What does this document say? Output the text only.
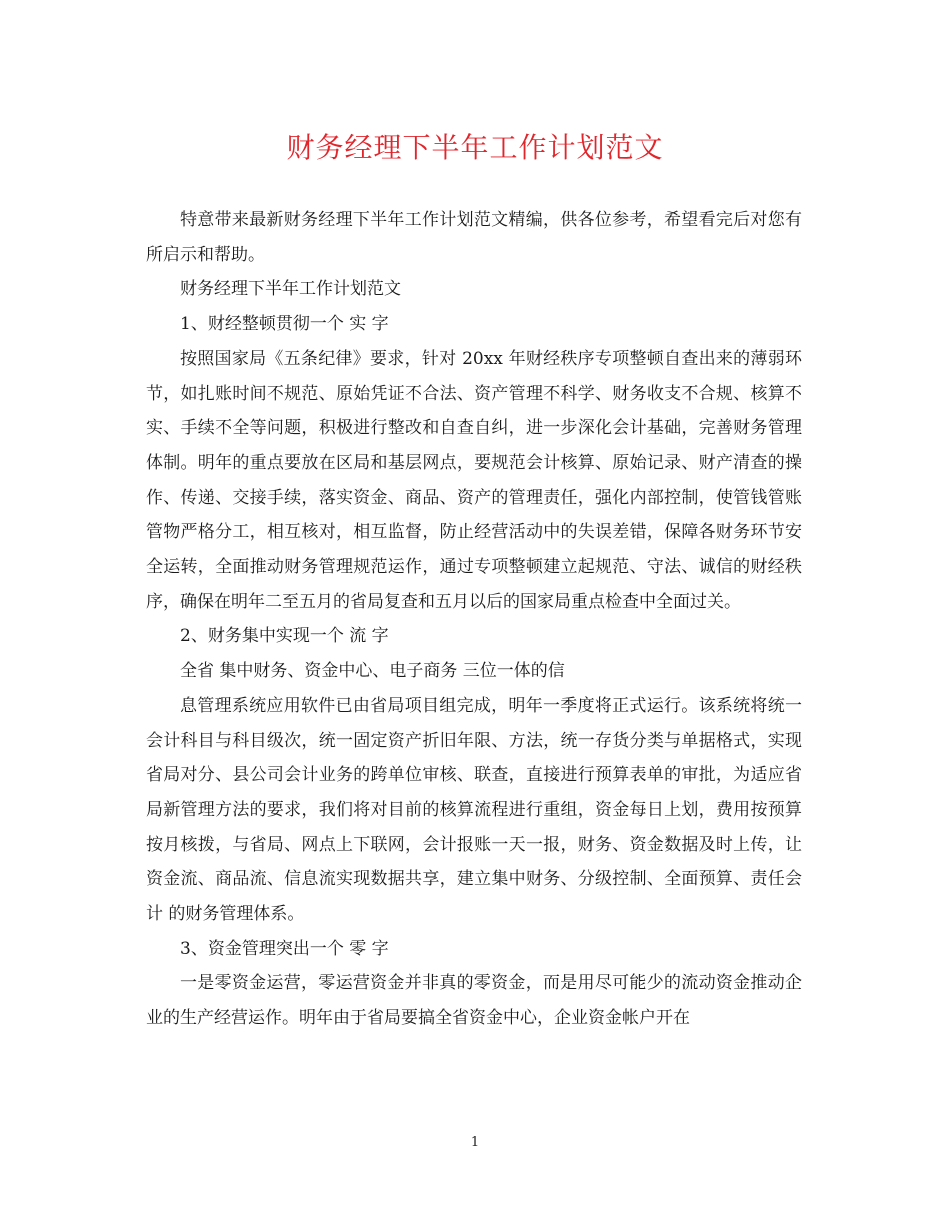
财务经理下半年工作计划范文

特意带来最新财务经理下半年工作计划范文精编，供各位参考，希望看完后对您有所启示和帮助。

财务经理下半年工作计划范文

1、财经整顿贯彻一个 实 字

按照国家局《五条纪律》要求，针对 20xx 年财经秩序专项整顿自查出来的薄弱环节，如扎账时间不规范、原始凭证不合法、资产管理不科学、财务收支不合规、核算不实、手续不全等问题，积极进行整改和自查自纠，进一步深化会计基础，完善财务管理体制。明年的重点要放在区局和基层网点，要规范会计核算、原始记录、财产清查的操作、传递、交接手续，落实资金、商品、资产的管理责任，强化内部控制，使管钱管账管物严格分工，相互核对，相互监督，防止经营活动中的失误差错，保障各财务环节安全运转，全面推动财务管理规范运作，通过专项整顿建立起规范、守法、诚信的财经秩序，确保在明年二至五月的省局复查和五月以后的国家局重点检查中全面过关。

2、财务集中实现一个 流 字

全省 集中财务、资金中心、电子商务 三位一体的信

息管理系统应用软件已由省局项目组完成，明年一季度将正式运行。该系统将统一会计科目与科目级次，统一固定资产折旧年限、方法，统一存货分类与单据格式，实现省局对分、县公司会计业务的跨单位审核、联查，直接进行预算表单的审批，为适应省局新管理方法的要求，我们将对目前的核算流程进行重组，资金每日上划，费用按预算按月核拨，与省局、网点上下联网，会计报账一天一报，财务、资金数据及时上传，让资金流、商品流、信息流实现数据共享，建立集中财务、分级控制、全面预算、责任会计 的财务管理体系。

3、资金管理突出一个 零 字

一是零资金运营，零运营资金并非真的零资金，而是用尽可能少的流动资金推动企业的生产经营运作。明年由于省局要搞全省资金中心，企业资金帐户开在

1
